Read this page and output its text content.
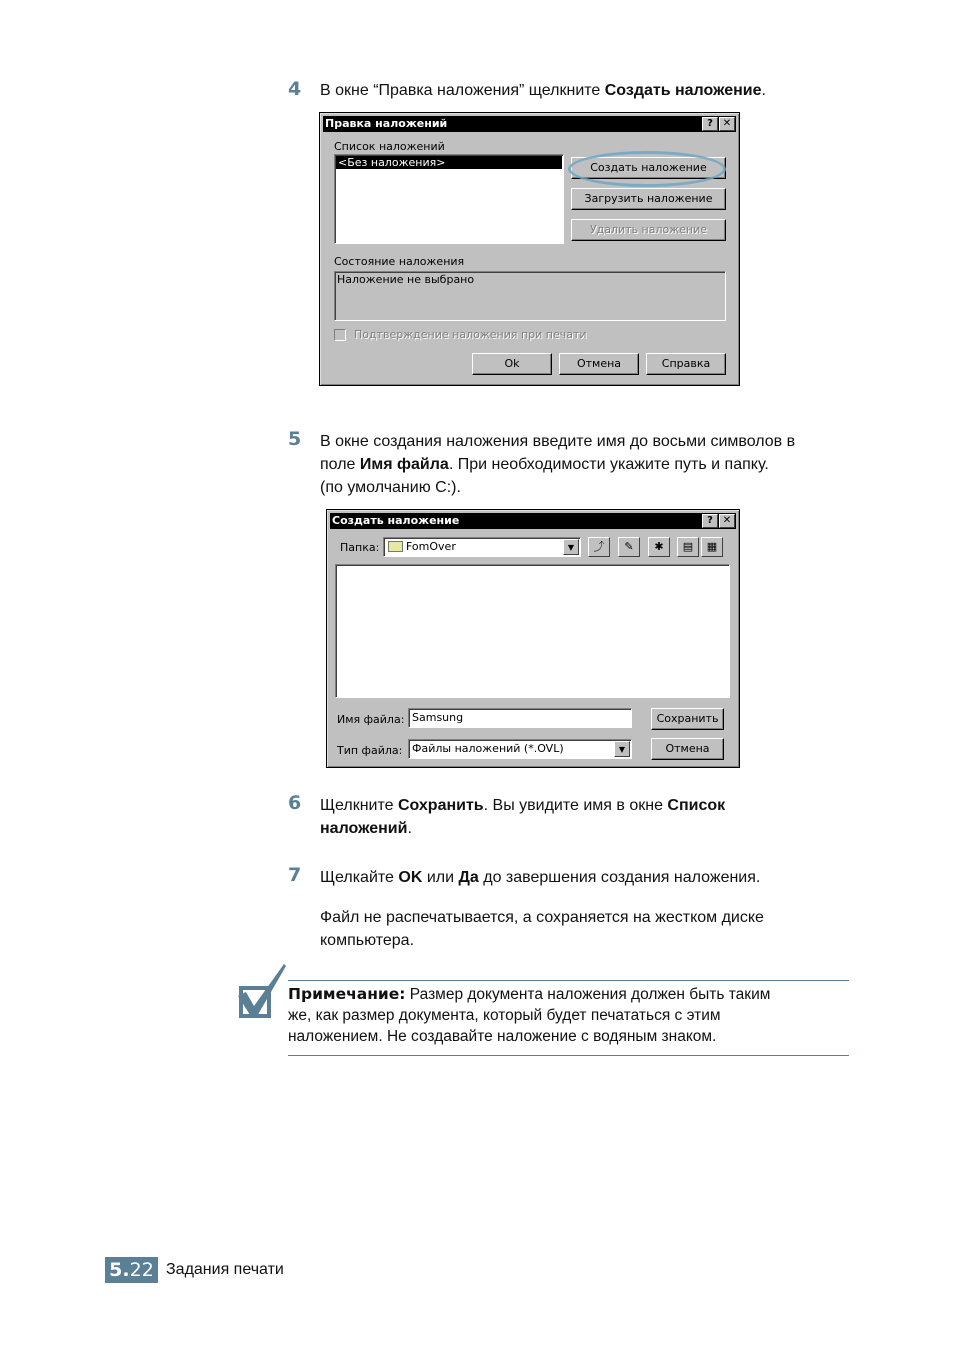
4 В окне “Правка наложения” щелкните Создать наложение.
Правка наложений	? ✕
Список наложений
<Без наложения>	Создать наложение
Загрузить наложение
Удалить наложение
Состояние наложения
Наложение не выбрано
Подтверждение наложения при печати
Ok	Отмена	Справка
5 В окне создания наложения введите имя до восьми символов в
поле Имя файла. При необходимости укажите путь и папку.
(по умолчанию C:).
Создать наложение	? ✕
Папка: FomOver	▼	⤴	✎	✱	▤	▦
Имя файла: Samsung
Тип файла: Файлы наложений (*.OVL)	▼
Сохранить
Отмена
6 Щелкните Сохранить. Вы увидите имя в окне Список
наложений.
7 Щелкайте OK или Да до завершения создания наложения.
Файл не распечатывается, а сохраняется на жестком диске
компьютера.
Примечание: Размер документа наложения должен быть таким
же, как размер документа, который будет печататься с этим
наложением. Не создавайте наложение с водяным знаком.
5.22 Задания печати
